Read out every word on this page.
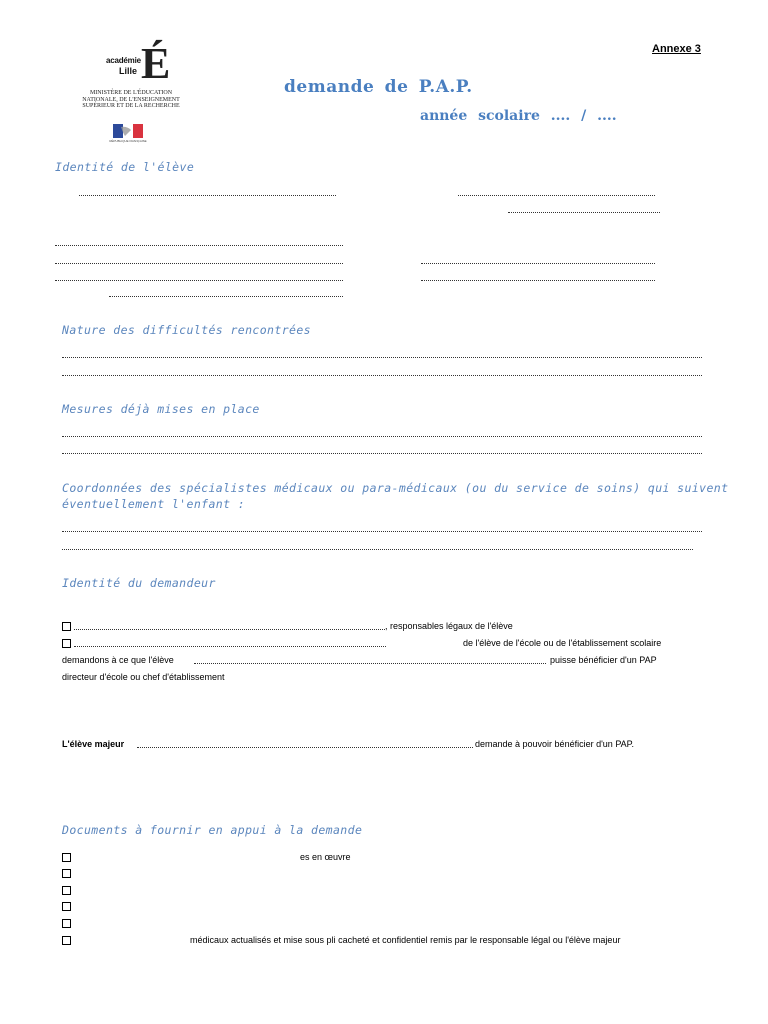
Annexe 3
académie
Lille É
MINISTÈRE DE L'ÉDUCATION NATIONALE, DE L'ENSEIGNEMENT SUPÉRIEUR ET DE LA RECHERCHE
RÉPUBLIQUE FRANÇAISE
demande de P.A.P.
année scolaire .... / ....
Identité de l'élève
Nature des difficultés rencontrées
Mesures déjà mises en place
Coordonnées des spécialistes médicaux ou para-médicaux (ou du service de soins) qui suivent
éventuellement l'enfant :
Identité du demandeur
, responsables légaux de l'élève
de l'élève de l'école ou de l'établissement scolaire
demandons à ce que l'élève	puisse bénéficier d'un PAP
directeur d'école ou chef d'établissement
L'élève majeur	demande à pouvoir bénéficier d'un PAP.
Documents à fournir en appui à la demande
es en œuvre
médicaux actualisés et mise sous pli cacheté et confidentiel remis par le responsable légal ou l'élève majeur
